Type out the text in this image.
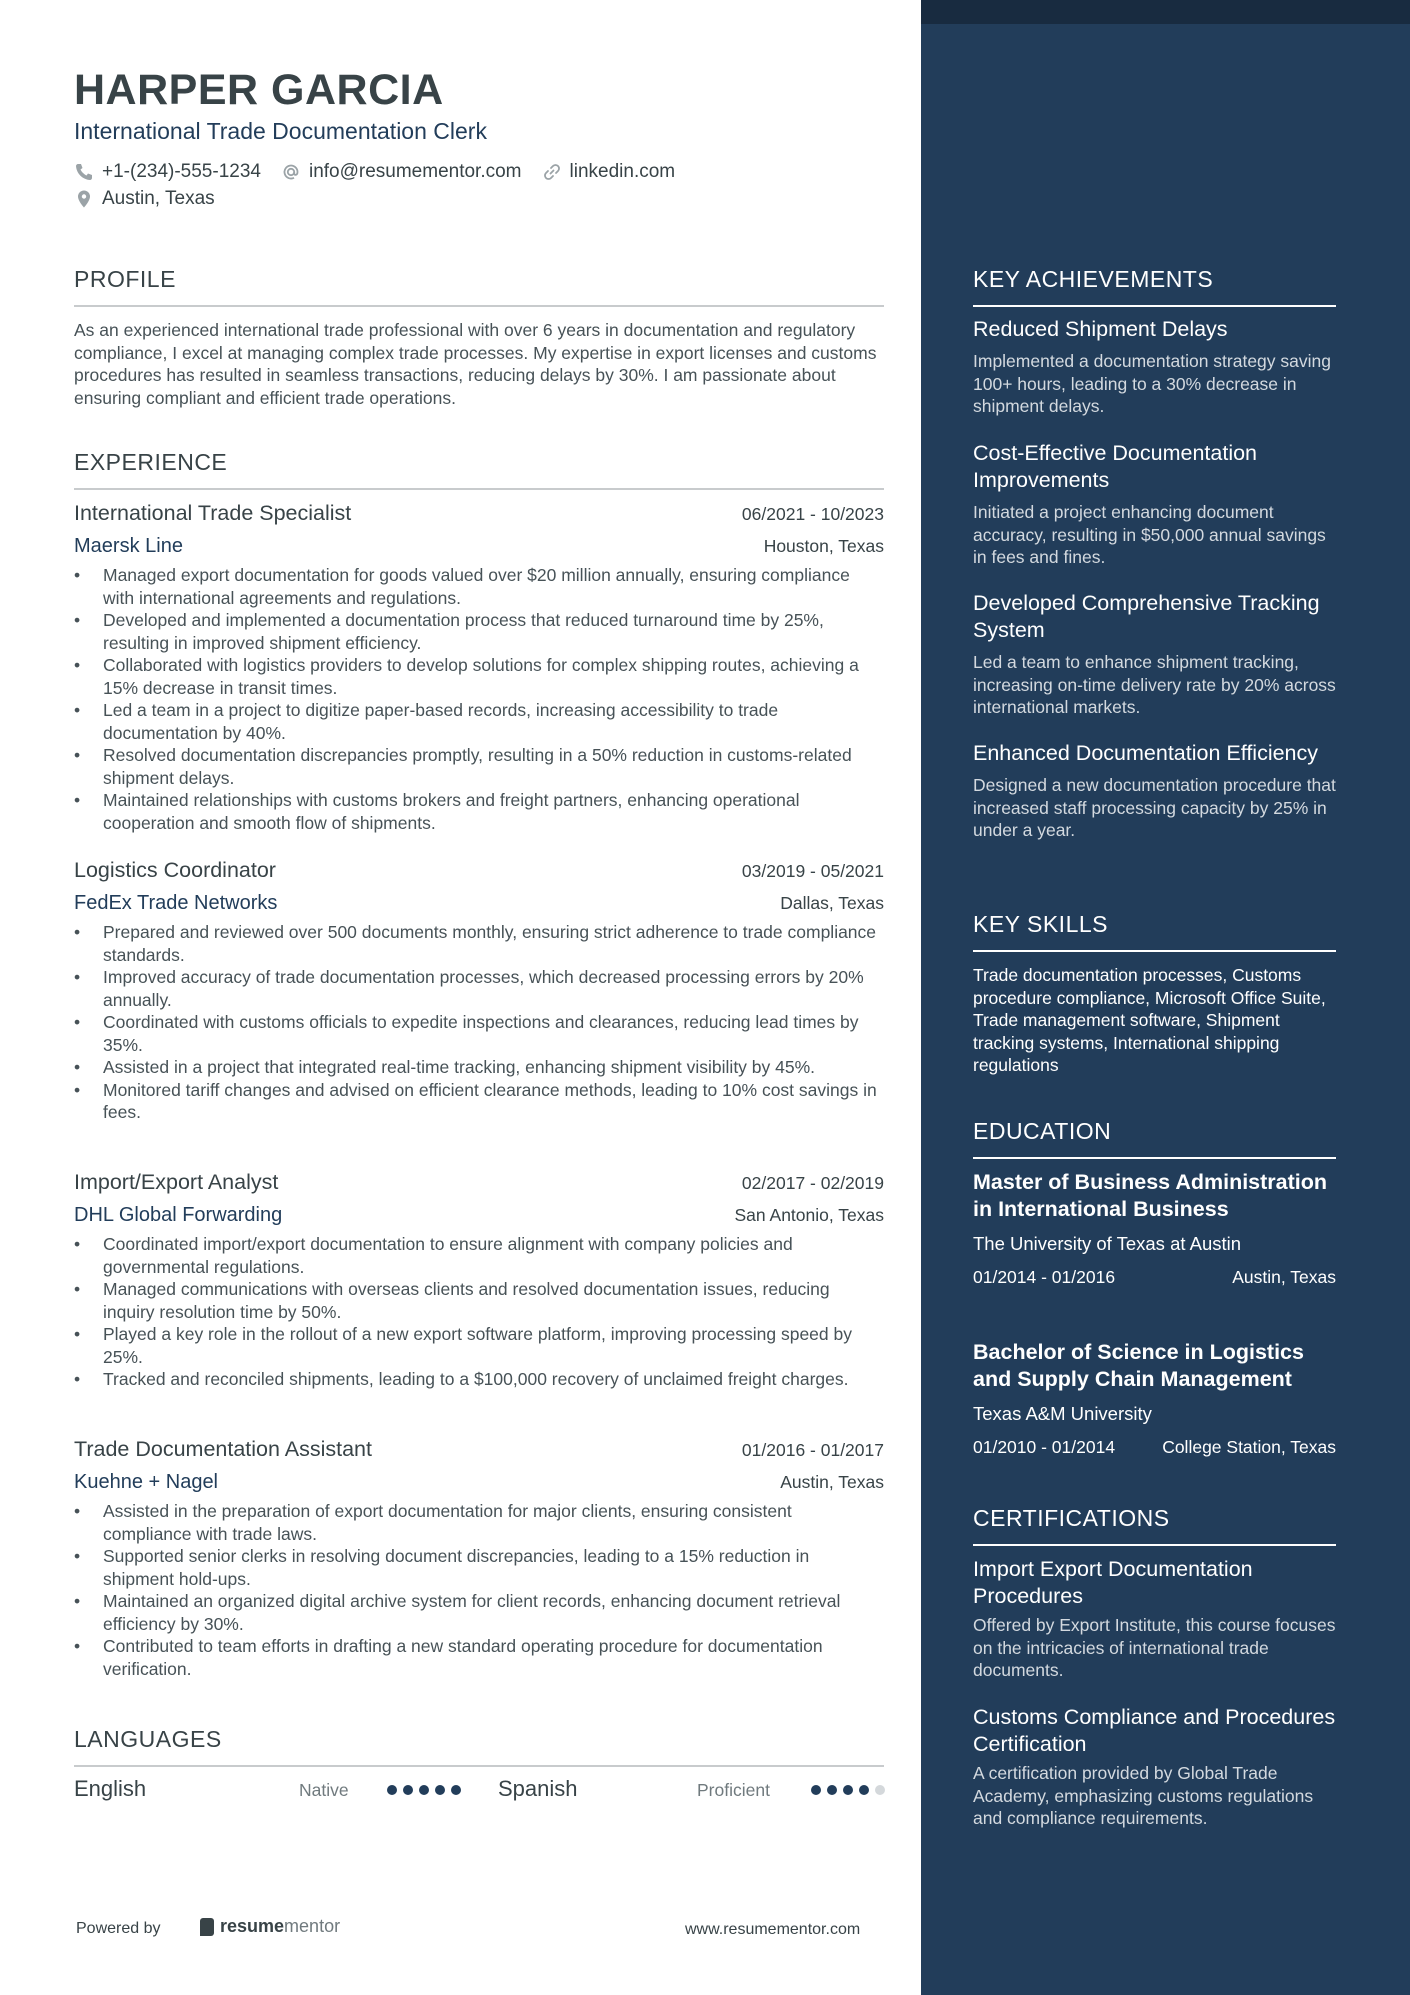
HARPER GARCIA
International Trade Documentation Clerk
+1-(234)-555-1234	info@resumementor.com	linkedin.com
Austin, Texas
PROFILE
As an experienced international trade professional with over 6 years in documentation and regulatory compliance, I excel at managing complex trade processes. My expertise in export licenses and customs procedures has resulted in seamless transactions, reducing delays by 30%. I am passionate about ensuring compliant and efficient trade operations.
EXPERIENCE
International Trade Specialist	06/2021 - 10/2023
Maersk Line	Houston, Texas
• Managed export documentation for goods valued over $20 million annually, ensuring compliance with international agreements and regulations.
• Developed and implemented a documentation process that reduced turnaround time by 25%, resulting in improved shipment efficiency.
• Collaborated with logistics providers to develop solutions for complex shipping routes, achieving a 15% decrease in transit times.
• Led a team in a project to digitize paper-based records, increasing accessibility to trade documentation by 40%.
• Resolved documentation discrepancies promptly, resulting in a 50% reduction in customs-related shipment delays.
• Maintained relationships with customs brokers and freight partners, enhancing operational cooperation and smooth flow of shipments.
Logistics Coordinator	03/2019 - 05/2021
FedEx Trade Networks	Dallas, Texas
• Prepared and reviewed over 500 documents monthly, ensuring strict adherence to trade compliance standards.
• Improved accuracy of trade documentation processes, which decreased processing errors by 20% annually.
• Coordinated with customs officials to expedite inspections and clearances, reducing lead times by 35%.
• Assisted in a project that integrated real-time tracking, enhancing shipment visibility by 45%.
• Monitored tariff changes and advised on efficient clearance methods, leading to 10% cost savings in fees.
Import/Export Analyst	02/2017 - 02/2019
DHL Global Forwarding	San Antonio, Texas
• Coordinated import/export documentation to ensure alignment with company policies and governmental regulations.
• Managed communications with overseas clients and resolved documentation issues, reducing inquiry resolution time by 50%.
• Played a key role in the rollout of a new export software platform, improving processing speed by 25%.
• Tracked and reconciled shipments, leading to a $100,000 recovery of unclaimed freight charges.
Trade Documentation Assistant	01/2016 - 01/2017
Kuehne + Nagel	Austin, Texas
• Assisted in the preparation of export documentation for major clients, ensuring consistent compliance with trade laws.
• Supported senior clerks in resolving document discrepancies, leading to a 15% reduction in shipment hold-ups.
• Maintained an organized digital archive system for client records, enhancing document retrieval efficiency by 30%.
• Contributed to team efforts in drafting a new standard operating procedure for documentation verification.
LANGUAGES
English	Native	Spanish	Proficient
Powered by	resume mentor	www.resumementor.com
KEY ACHIEVEMENTS
Reduced Shipment Delays
Implemented a documentation strategy saving 100+ hours, leading to a 30% decrease in shipment delays.
Cost-Effective Documentation Improvements
Initiated a project enhancing document accuracy, resulting in $50,000 annual savings in fees and fines.
Developed Comprehensive Tracking System
Led a team to enhance shipment tracking, increasing on-time delivery rate by 20% across international markets.
Enhanced Documentation Efficiency
Designed a new documentation procedure that increased staff processing capacity by 25% in under a year.
KEY SKILLS
Trade documentation processes, Customs procedure compliance, Microsoft Office Suite, Trade management software, Shipment tracking systems, International shipping regulations
EDUCATION
Master of Business Administration in International Business
The University of Texas at Austin
01/2014 - 01/2016	Austin, Texas
Bachelor of Science in Logistics and Supply Chain Management
Texas A&M University
01/2010 - 01/2014	College Station, Texas
CERTIFICATIONS
Import Export Documentation Procedures
Offered by Export Institute, this course focuses on the intricacies of international trade documents.
Customs Compliance and Procedures Certification
A certification provided by Global Trade Academy, emphasizing customs regulations and compliance requirements.
